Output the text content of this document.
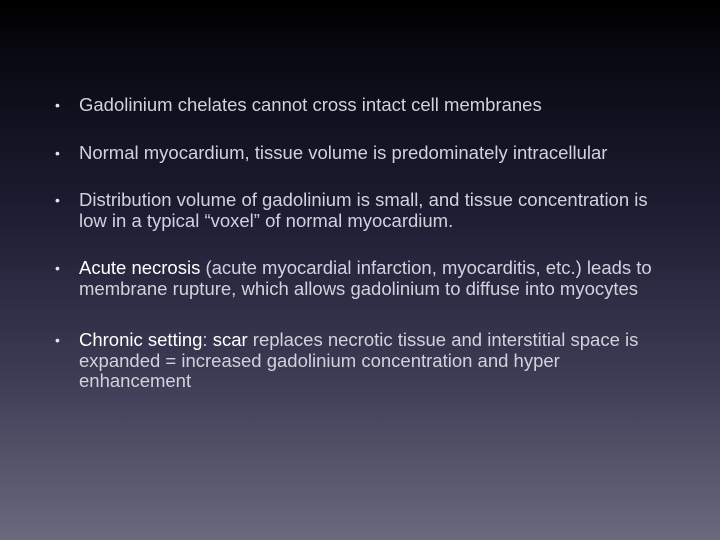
• Gadolinium chelates cannot cross intact cell membranes
• Normal myocardium, tissue volume is predominately intracellular
• Distribution volume of gadolinium is small, and tissue concentration is low in a typical “voxel” of normal myocardium.
• Acute necrosis (acute myocardial infarction, myocarditis, etc.) leads to membrane rupture, which allows gadolinium to diffuse into myocytes
• Chronic setting: scar replaces necrotic tissue and interstitial space is expanded = increased gadolinium concentration and hyper enhancement
